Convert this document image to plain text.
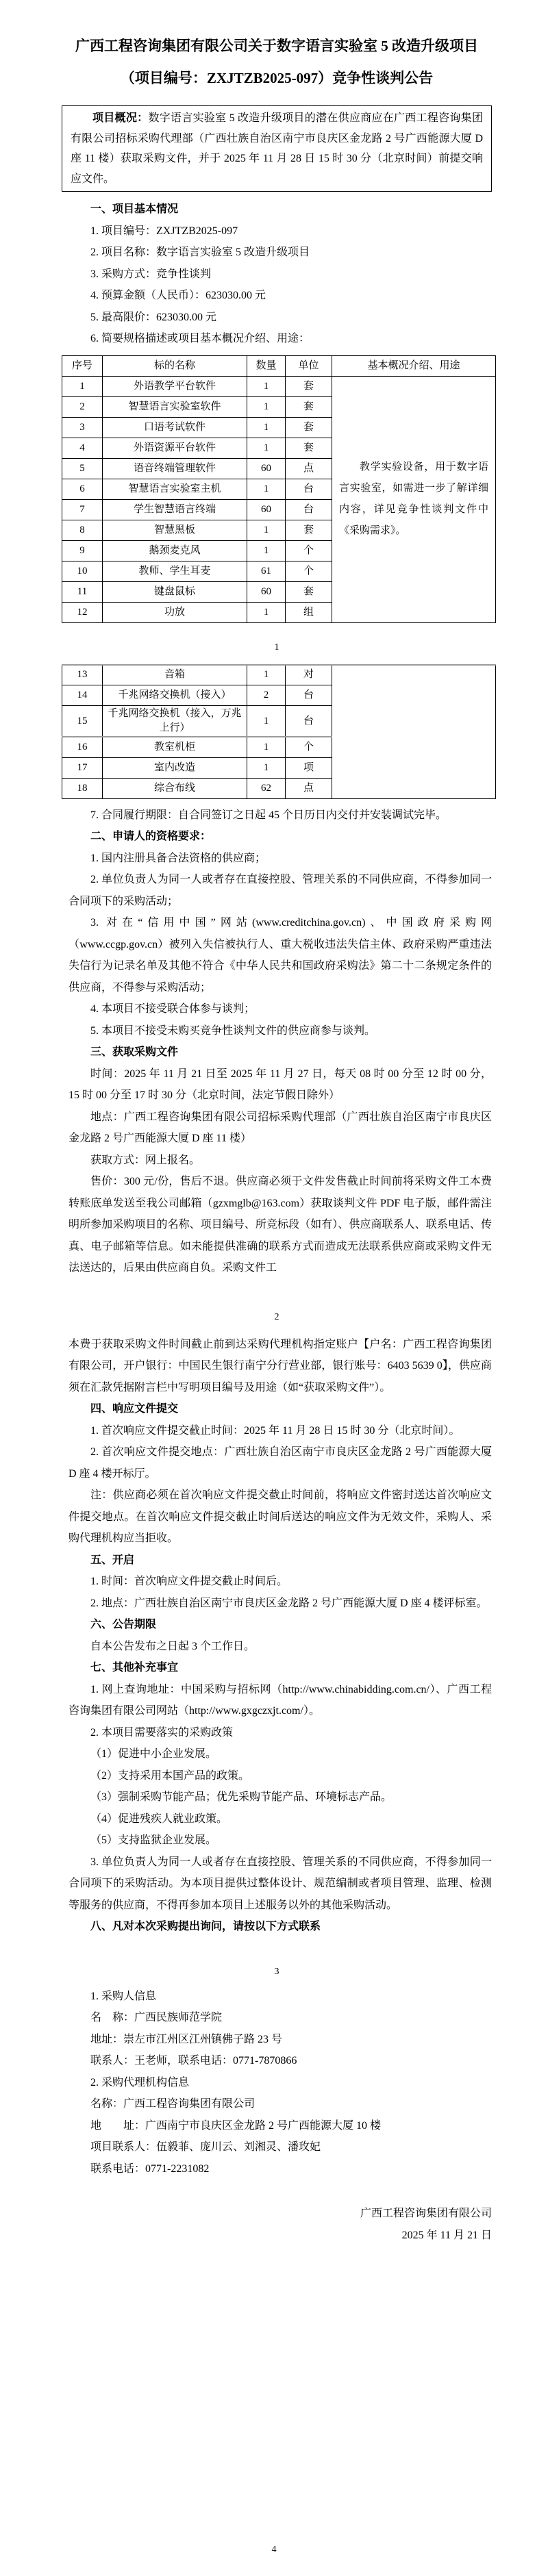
广西工程咨询集团有限公司关于数字语言实验室 5 改造升级项目
（项目编号：ZXJTZB2025-097）竞争性谈判公告

项目概况：数字语言实验室 5 改造升级项目的潜在供应商应在广西工程咨询集团有限公司招标采购代理部（广西壮族自治区南宁市良庆区金龙路 2 号广西能源大厦 D 座 11 楼）获取采购文件，并于 2025 年 11 月 28 日 15 时 30 分（北京时间）前提交响应文件。

一、项目基本情况

1. 项目编号：ZXJTZB2025-097

2. 项目名称：数字语言实验室 5 改造升级项目

3. 采购方式：竞争性谈判

4. 预算金额（人民币）：623030.00 元

5. 最高限价：623030.00 元

6. 简要规格描述或项目基本概况介绍、用途：

序号	标的名称	数量	单位	基本概况介绍、用途
1	外语教学平台软件	1	套	教学实验设备，用于数字语言实验室，如需进一步了解详细内容，详见竞争性谈判文件中《采购需求》。

2	智慧语言实验室软件	1	套	
3	口语考试软件	1	套	
4	外语资源平台软件	1	套	
5	语音终端管理软件	60	点	
6	智慧语言实验室主机	1	台	
7	学生智慧语言终端	60	台	
8	智慧黑板	1	套	
9	鹅颈麦克风	1	个	
10	教师、学生耳麦	61	个	
11	键盘鼠标	60	套	
12	功放	1	组	

1

13	音箱	1	对	
14	千兆网络交换机（接入）	2	台	
15	千兆网络交换机（接入，万兆上行）	1	台	
16	教室机柜	1	个	
17	室内改造	1	项	
18	综合布线	62	点	

7. 合同履行期限：自合同签订之日起 45 个日历日内交付并安装调试完毕。

二、申请人的资格要求：

1. 国内注册具备合法资格的供应商；

2. 单位负责人为同一人或者存在直接控股、管理关系的不同供应商，不得参加同一合同项下的采购活动；

3. 对在“信用中国”网站(www.creditchina.gov.cn)、中国政府采购网（www.ccgp.gov.cn）被列入失信被执行人、重大税收违法失信主体、政府采购严重违法失信行为记录名单及其他不符合《中华人民共和国政府采购法》第二十二条规定条件的供应商，不得参与采购活动；

4. 本项目不接受联合体参与谈判；

5. 本项目不接受未购买竞争性谈判文件的供应商参与谈判。

三、获取采购文件

时间：2025 年 11 月 21 日至 2025 年 11 月 27 日，每天 08 时 00 分至 12 时 00 分，15 时 00 分至 17 时 30 分（北京时间，法定节假日除外）

地点：广西工程咨询集团有限公司招标采购代理部（广西壮族自治区南宁市良庆区金龙路 2 号广西能源大厦 D 座 11 楼）

获取方式：网上报名。

售价：300 元/份，售后不退。供应商必须于文件发售截止时间前将采购文件工本费转账底单发送至我公司邮箱（gzxmglb@163.com）获取谈判文件 PDF 电子版，邮件需注明所参加采购项目的名称、项目编号、所竞标段（如有）、供应商联系人、联系电话、传真、电子邮箱等信息。如未能提供准确的联系方式而造成无法联系供应商或采购文件无法送达的，后果由供应商自负。采购文件工

2

本费于获取采购文件时间截止前到达采购代理机构指定账户【户名：广西工程咨询集团有限公司，开户银行：中国民生银行南宁分行营业部，银行账号：6403 5639 0】，供应商须在汇款凭据附言栏中写明项目编号及用途（如“获取采购文件”）。

四、响应文件提交

1. 首次响应文件提交截止时间：2025 年 11 月 28 日 15 时 30 分（北京时间）。

2. 首次响应文件提交地点：广西壮族自治区南宁市良庆区金龙路 2 号广西能源大厦 D 座 4 楼开标厅。

注：供应商必须在首次响应文件提交截止时间前，将响应文件密封送达首次响应文件提交地点。在首次响应文件提交截止时间后送达的响应文件为无效文件，采购人、采购代理机构应当拒收。

五、开启

1. 时间：首次响应文件提交截止时间后。

2. 地点：广西壮族自治区南宁市良庆区金龙路 2 号广西能源大厦 D 座 4 楼评标室。

六、公告期限

自本公告发布之日起 3 个工作日。

七、其他补充事宜

1. 网上查询地址：中国采购与招标网（http://www.chinabidding.com.cn/）、广西工程咨询集团有限公司网站（http://www.gxgczxjt.com/）。

2. 本项目需要落实的采购政策

（1）促进中小企业发展。

（2）支持采用本国产品的政策。

（3）强制采购节能产品；优先采购节能产品、环境标志产品。

（4）促进残疾人就业政策。

（5）支持监狱企业发展。

3. 单位负责人为同一人或者存在直接控股、管理关系的不同供应商，不得参加同一合同项下的采购活动。为本项目提供过整体设计、规范编制或者项目管理、监理、检测等服务的供应商，不得再参加本项目上述服务以外的其他采购活动。

八、凡对本次采购提出询问，请按以下方式联系

3

1. 采购人信息

名　称：广西民族师范学院

地址：崇左市江州区江州镇佛子路 23 号

联系人：王老师，联系电话：0771-7870866

2. 采购代理机构信息

名称：广西工程咨询集团有限公司

地　　址：广西南宁市良庆区金龙路 2 号广西能源大厦 10 楼

项目联系人：伍毅菲、庞川云、刘湘灵、潘玫妃

联系电话：0771-2231082

广西工程咨询集团有限公司

2025 年 11 月 21 日

4
